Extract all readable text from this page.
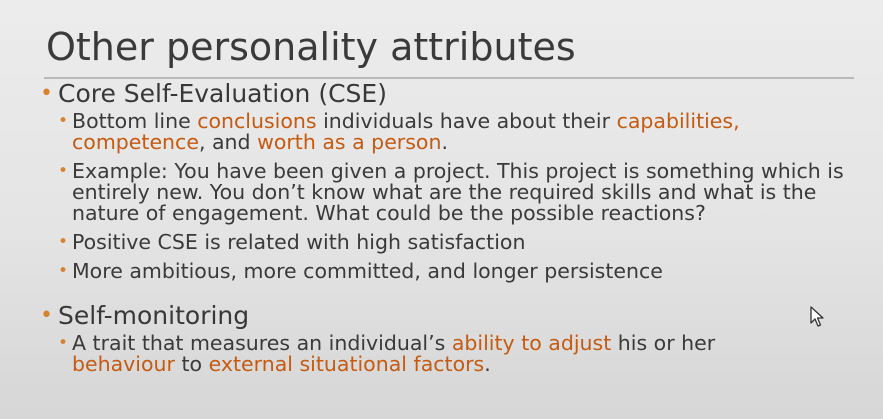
Other personality attributes
• Core Self-Evaluation (CSE)
• Bottom line conclusions individuals have about their capabilities, competence, and worth as a person.
• Example: You have been given a project. This project is something which is entirely new. You don’t know what are the required skills and what is the nature of engagement. What could be the possible reactions?
• Positive CSE is related with high satisfaction
• More ambitious, more committed, and longer persistence
• Self-monitoring
• A trait that measures an individual’s ability to adjust his or her behaviour to external situational factors.
